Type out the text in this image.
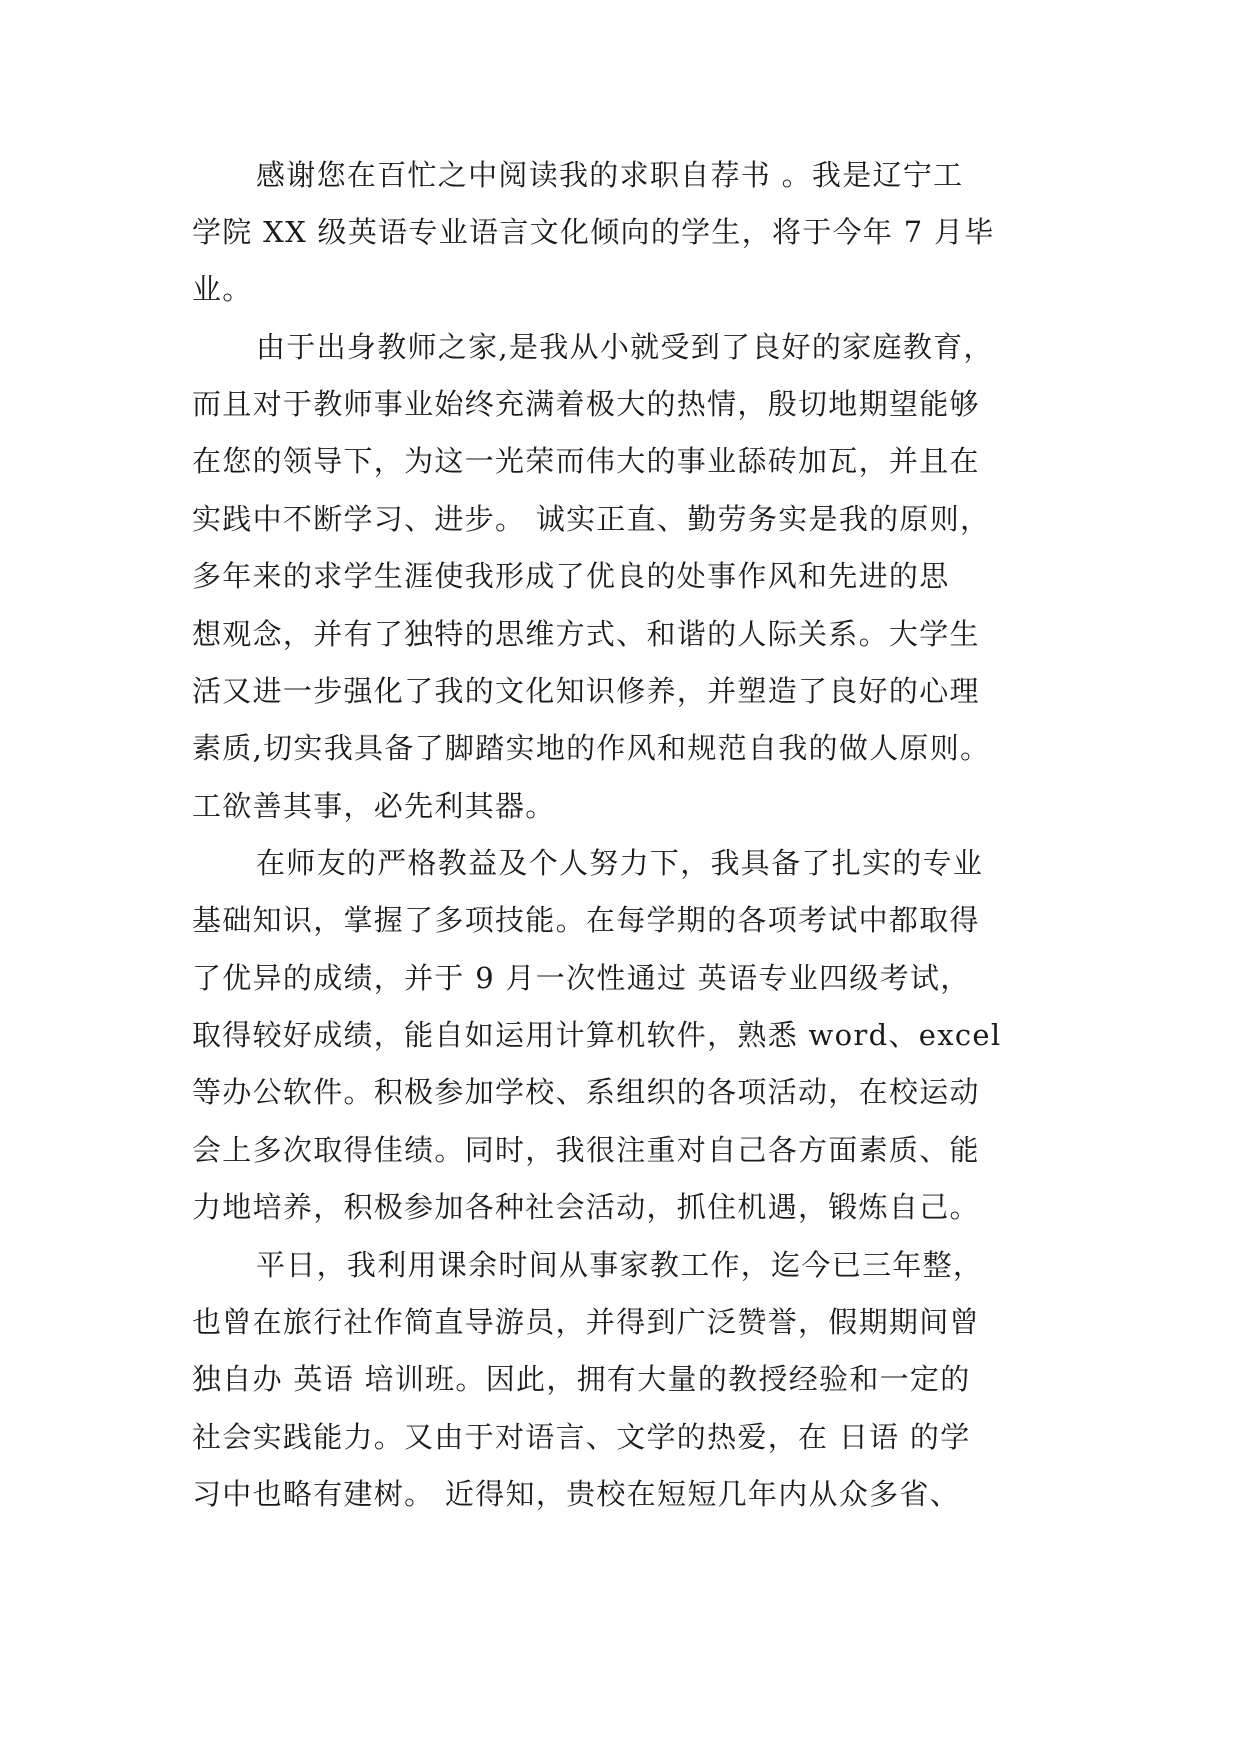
感谢您在百忙之中阅读我的求职自荐书 。我是辽宁工
学院 XX 级英语专业语言文化倾向的学生，将于今年 7 月毕
业。
由于出身教师之家,是我从小就受到了良好的家庭教育，
而且对于教师事业始终充满着极大的热情，殷切地期望能够
在您的领导下，为这一光荣而伟大的事业舔砖加瓦，并且在
实践中不断学习、进步。 诚实正直、勤劳务实是我的原则，
多年来的求学生涯使我形成了优良的处事作风和先进的思
想观念，并有了独特的思维方式、和谐的人际关系。大学生
活又进一步强化了我的文化知识修养，并塑造了良好的心理
素质,切实我具备了脚踏实地的作风和规范自我的做人原则。
工欲善其事，必先利其器。
在师友的严格教益及个人努力下，我具备了扎实的专业
基础知识，掌握了多项技能。在每学期的各项考试中都取得
了优异的成绩，并于 9 月一次性通过 英语专业四级考试，
取得较好成绩，能自如运用计算机软件，熟悉 word、excel
等办公软件。积极参加学校、系组织的各项活动，在校运动
会上多次取得佳绩。同时，我很注重对自己各方面素质、能
力地培养，积极参加各种社会活动，抓住机遇，锻炼自己。
平日，我利用课余时间从事家教工作，迄今已三年整，
也曾在旅行社作简直导游员，并得到广泛赞誉，假期期间曾
独自办 英语 培训班。因此，拥有大量的教授经验和一定的
社会实践能力。又由于对语言、文学的热爱，在 日语 的学
习中也略有建树。 近得知，贵校在短短几年内从众多省、
